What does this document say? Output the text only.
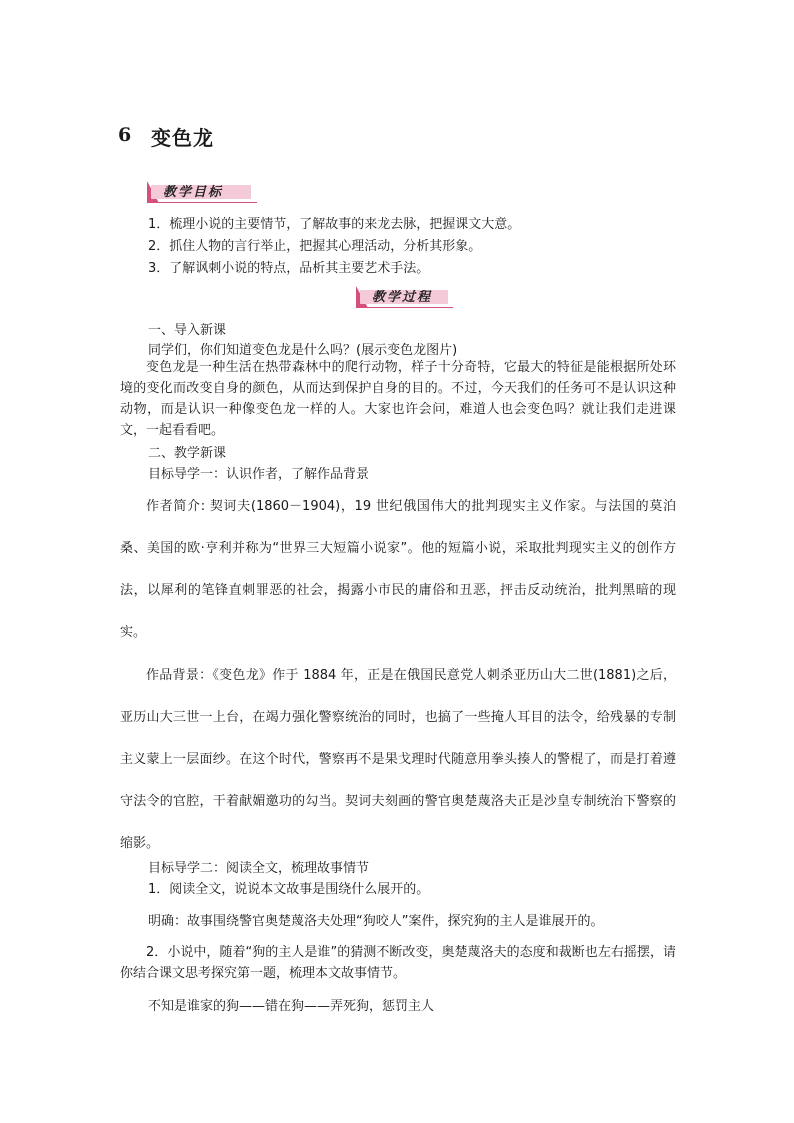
6 变色龙
教学目标
1．梳理小说的主要情节，了解故事的来龙去脉，把握课文大意。
2．抓住人物的言行举止，把握其心理活动，分析其形象。
3．了解讽刺小说的特点，品析其主要艺术手法。
教学过程
一、导入新课
同学们，你们知道变色龙是什么吗？(展示变色龙图片)
变色龙是一种生活在热带森林中的爬行动物，样子十分奇特，它最大的特征是能根据所处环境的变化而改变自身的颜色，从而达到保护自身的目的。不过，今天我们的任务可不是认识这种动物，而是认识一种像变色龙一样的人。大家也许会问，难道人也会变色吗？就让我们走进课文，一起看看吧。
二、教学新课
目标导学一：认识作者，了解作品背景
作者简介: 契诃夫(1860－1904)，19 世纪俄国伟大的批判现实主义作家。与法国的莫泊桑、美国的欧·亨利并称为“世界三大短篇小说家”。他的短篇小说，采取批判现实主义的创作方法，以犀利的笔锋直刺罪恶的社会，揭露小市民的庸俗和丑恶，抨击反动统治，批判黑暗的现实。
作品背景：《变色龙》作于 1884 年，正是在俄国民意党人刺杀亚历山大二世(1881)之后，亚历山大三世一上台，在竭力强化警察统治的同时，也搞了一些掩人耳目的法令，给残暴的专制主义蒙上一层面纱。在这个时代，警察再不是果戈理时代随意用拳头揍人的警棍了，而是打着遵守法令的官腔，干着献媚邀功的勾当。契诃夫刻画的警官奥楚蔑洛夫正是沙皇专制统治下警察的缩影。
目标导学二：阅读全文，梳理故事情节
1．阅读全文，说说本文故事是围绕什么展开的。
明确：故事围绕警官奥楚蔑洛夫处理“狗咬人”案件，探究狗的主人是谁展开的。
2．小说中，随着“狗的主人是谁”的猜测不断改变，奥楚蔑洛夫的态度和裁断也左右摇摆，请你结合课文思考探究第一题，梳理本文故事情节。
不知是谁家的狗——错在狗——弄死狗，惩罚主人
